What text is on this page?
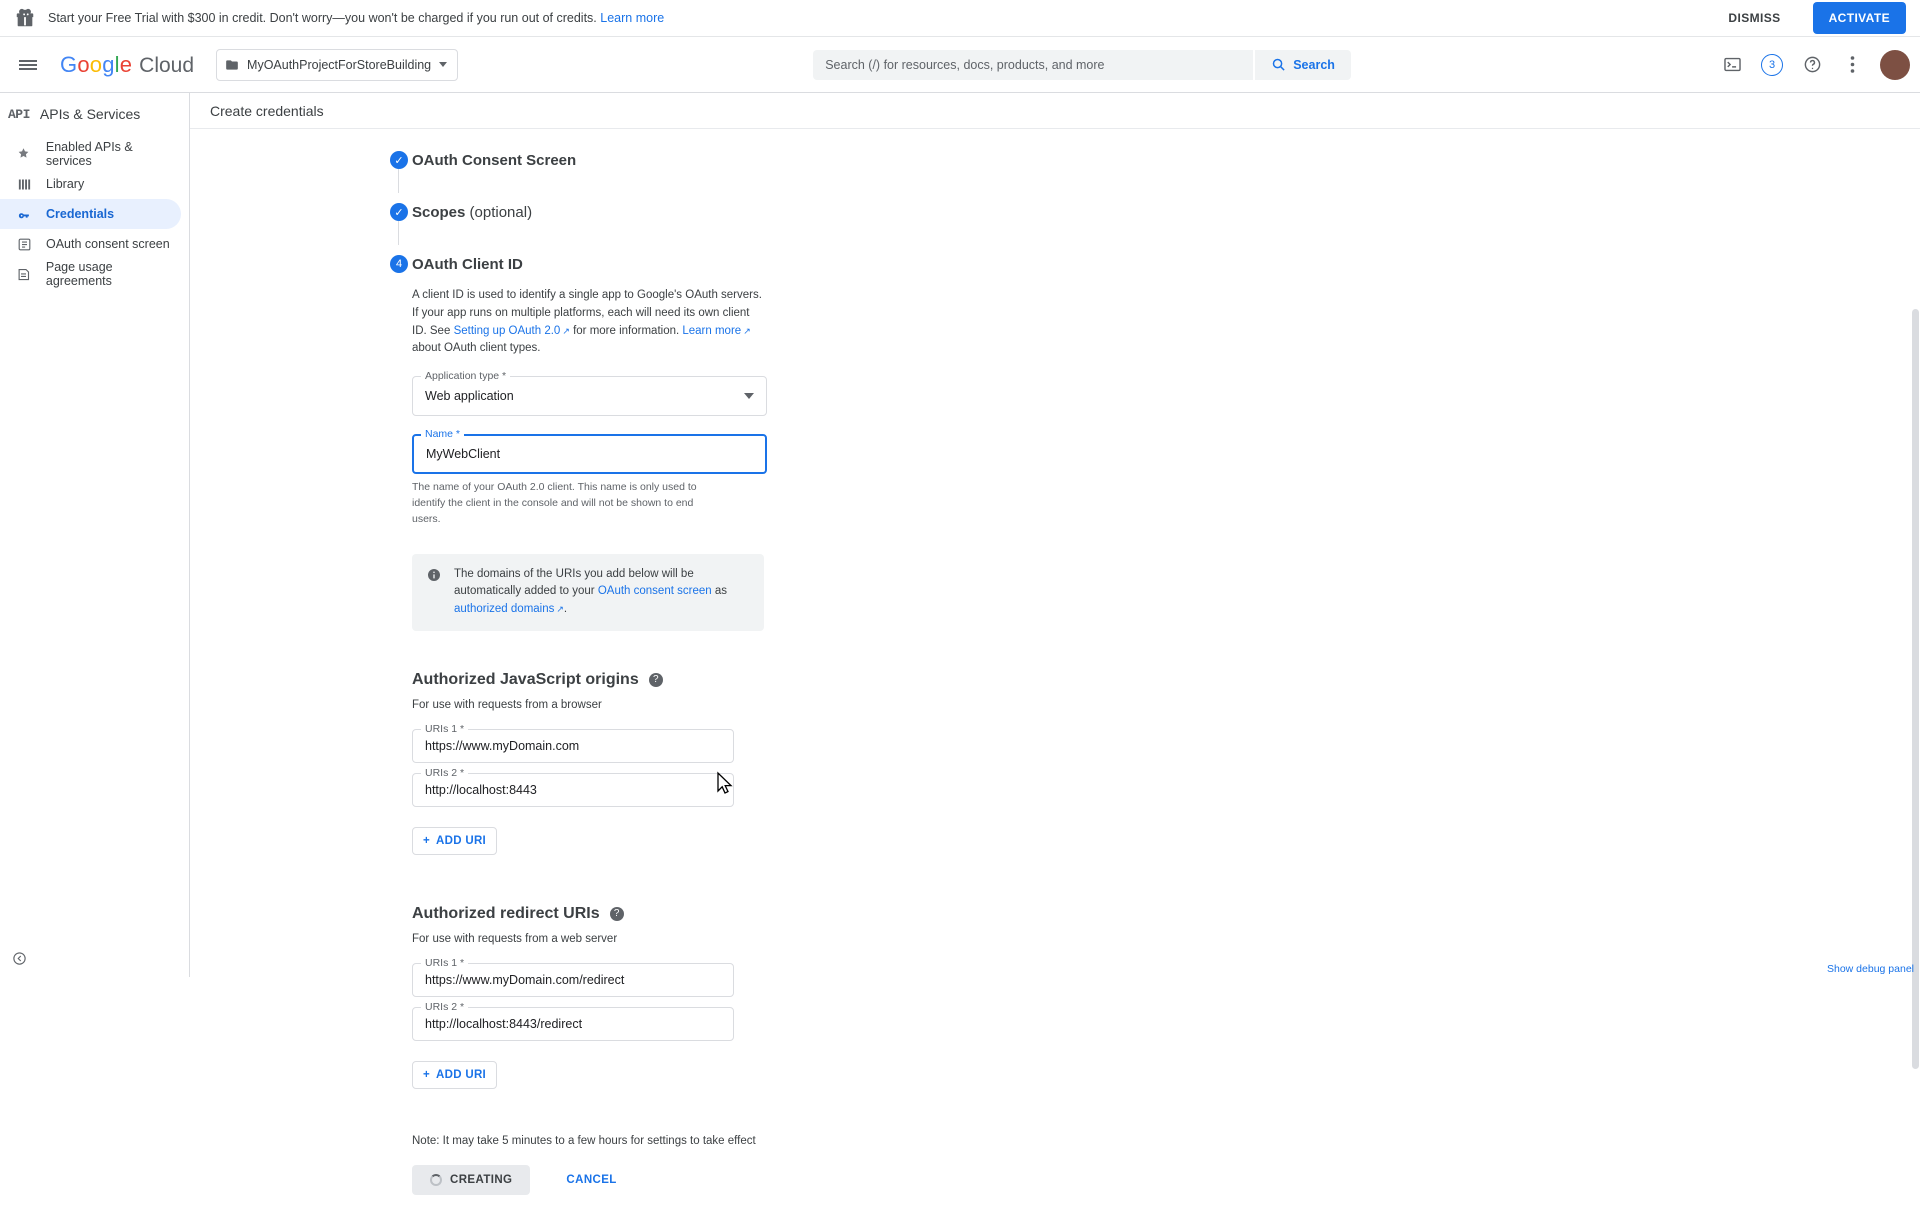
Start your Free Trial with $300 in credit. Don't worry—you won't be charged if you run out of credits. Learn more	DISMISS	ACTIVATE
Google Cloud	MyOAuthProjectForStoreBuilding	Search (/) for resources, docs, products, and more	Search	3
API APIs & Services
Enabled APIs & services
Library
Credentials
OAuth consent screen
Page usage agreements
Create credentials
✓ OAuth Consent Screen
✓ Scopes (optional)
4 OAuth Client ID
A client ID is used to identify a single app to Google's OAuth servers. If your app runs on multiple platforms, each will need its own client ID. See Setting up OAuth 2.0 ↗ for more information. Learn more ↗ about OAuth client types.
Application type *
Web application
Name *
MyWebClient
The name of your OAuth 2.0 client. This name is only used to identify the client in the console and will not be shown to end users.
The domains of the URIs you add below will be automatically added to your OAuth consent screen as authorized domains ↗ .
Authorized JavaScript origins	?
For use with requests from a browser
URIs 1 *
https://www.myDomain.com
URIs 2 *
http://localhost:8443
+ ADD URI
Authorized redirect URIs	?
For use with requests from a web server
URIs 1 *
https://www.myDomain.com/redirect
URIs 2 *
http://localhost:8443/redirect
+ ADD URI
Note: It may take 5 minutes to a few hours for settings to take effect
CREATING	CANCEL
Show debug panel
